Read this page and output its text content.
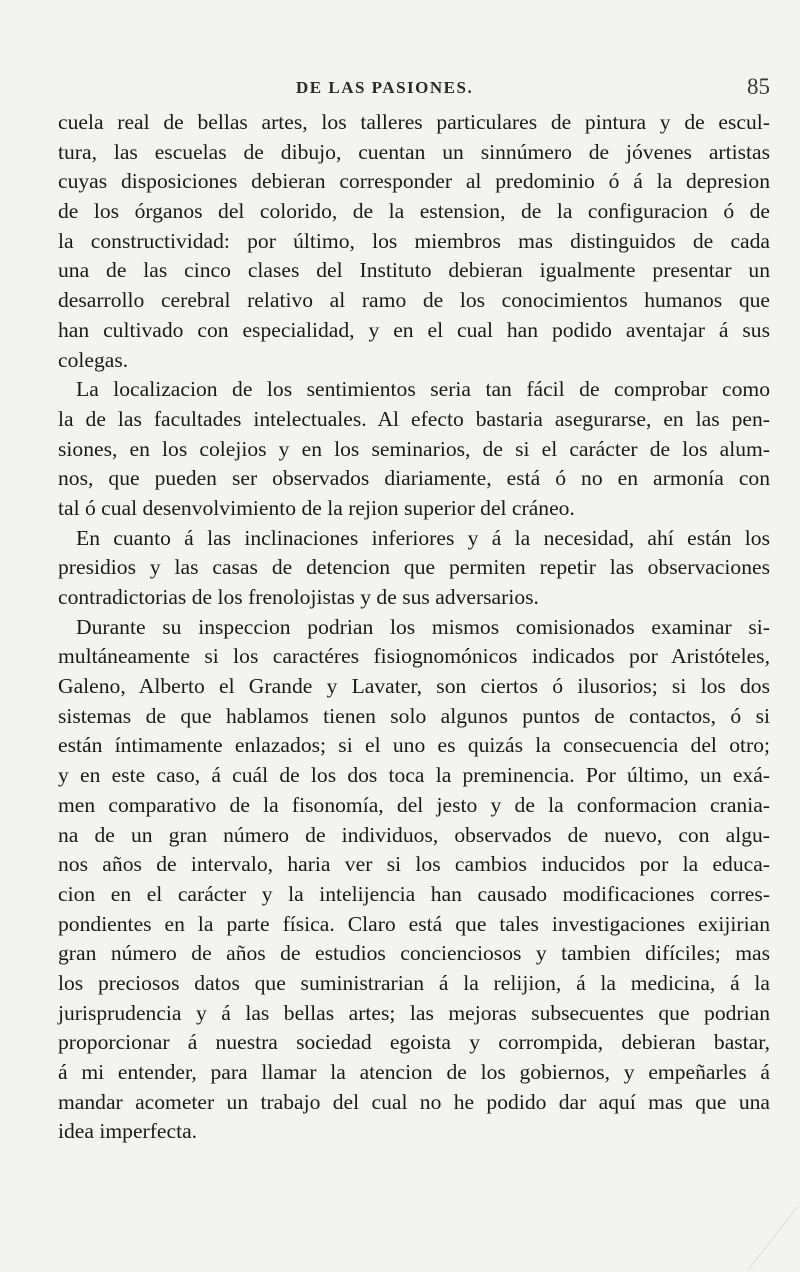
DE LAS PASIONES.	85
cuela real de bellas artes, los talleres particulares de pintura y de escul-
tura, las escuelas de dibujo, cuentan un sinnúmero de jóvenes artistas
cuyas disposiciones debieran corresponder al predominio ó á la depresion
de los órganos del colorido, de la estension, de la configuracion ó de
la constructividad: por último, los miembros mas distinguidos de cada
una de las cinco clases del Instituto debieran igualmente presentar un
desarrollo cerebral relativo al ramo de los conocimientos humanos que
han cultivado con especialidad, y en el cual han podido aventajar á sus
colegas.
La localizacion de los sentimientos seria tan fácil de comprobar como
la de las facultades intelectuales. Al efecto bastaria asegurarse, en las pen-
siones, en los colejios y en los seminarios, de si el carácter de los alum-
nos, que pueden ser observados diariamente, está ó no en armonía con
tal ó cual desenvolvimiento de la rejion superior del cráneo.
En cuanto á las inclinaciones inferiores y á la necesidad, ahí están los
presidios y las casas de detencion que permiten repetir las observaciones
contradictorias de los frenolojistas y de sus adversarios.
Durante su inspeccion podrian los mismos comisionados examinar si-
multáneamente si los caractéres fisiognomónicos indicados por Aristóteles,
Galeno, Alberto el Grande y Lavater, son ciertos ó ilusorios; si los dos
sistemas de que hablamos tienen solo algunos puntos de contactos, ó si
están íntimamente enlazados; si el uno es quizás la consecuencia del otro;
y en este caso, á cuál de los dos toca la preminencia. Por último, un exá-
men comparativo de la fisonomía, del jesto y de la conformacion crania-
na de un gran número de individuos, observados de nuevo, con algu-
nos años de intervalo, haria ver si los cambios inducidos por la educa-
cion en el carácter y la intelijencia han causado modificaciones corres-
pondientes en la parte física. Claro está que tales investigaciones exijirian
gran número de años de estudios concienciosos y tambien difíciles; mas
los preciosos datos que suministrarian á la relijion, á la medicina, á la
jurisprudencia y á las bellas artes; las mejoras subsecuentes que podrian
proporcionar á nuestra sociedad egoista y corrompida, debieran bastar,
á mi entender, para llamar la atencion de los gobiernos, y empeñarles á
mandar acometer un trabajo del cual no he podido dar aquí mas que una
idea imperfecta.
